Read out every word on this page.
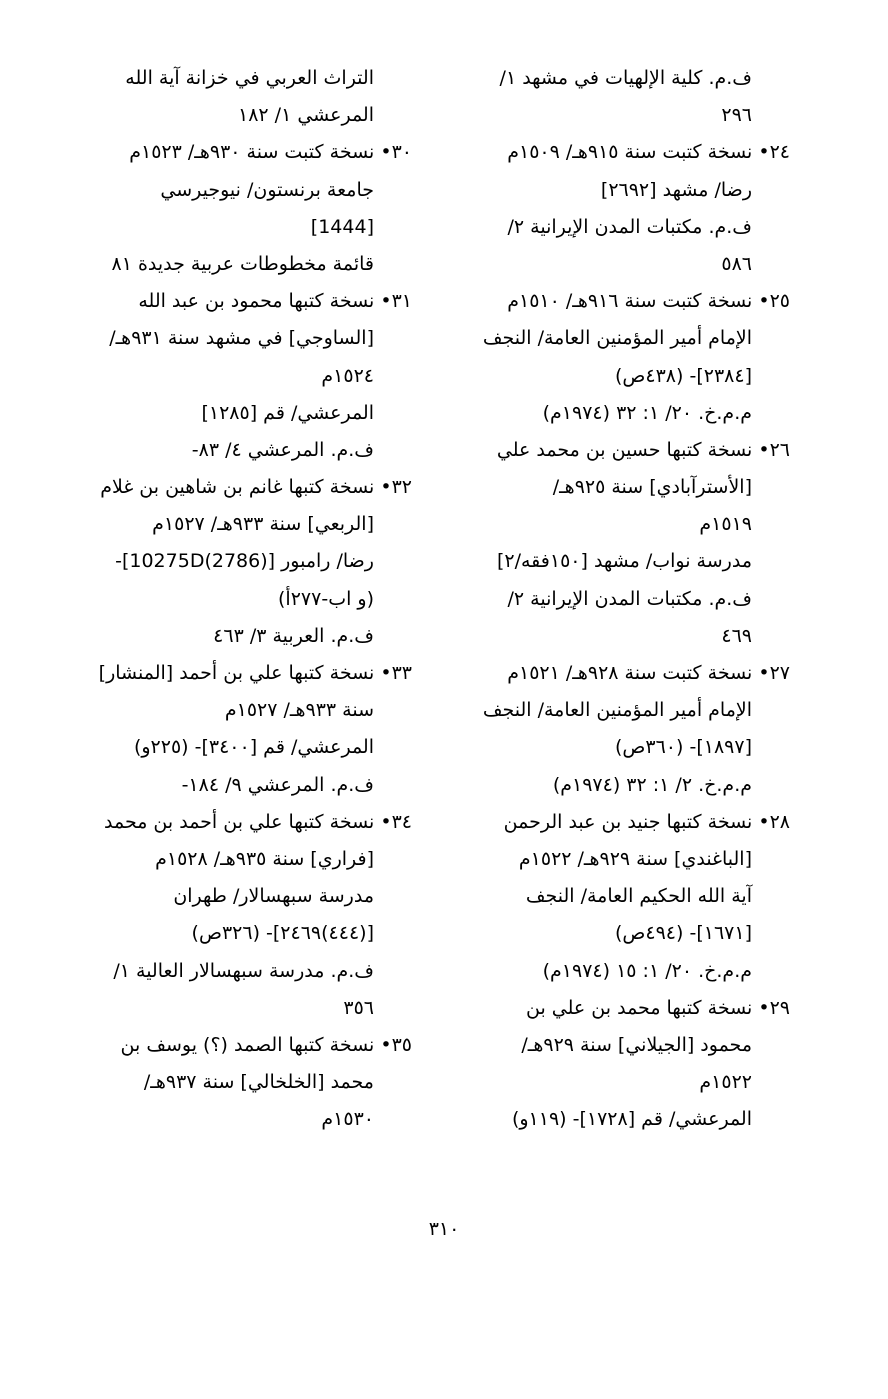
ف.م. كلية الإلهيات في مشهد ١/
٢٩٦
٢٤• نسخة كتبت سنة ٩١٥هـ/ ١٥٠٩م
رضا/ مشهد [٢٦٩٢]
ف.م. مكتبات المدن الإيرانية ٢/
٥٨٦
٢٥• نسخة كتبت سنة ٩١٦هـ/ ١٥١٠م
الإمام أمير المؤمنين العامة/ النجف
[٢٣٨٤]- (٤٣٨ص)
م.م.خ. ٢٠/ ١: ٣٢ (١٩٧٤م)
٢٦• نسخة كتبها حسين بن محمد علي
[الأسترآبادي] سنة ٩٢٥هـ/
١٥١٩م
مدرسة نواب/ مشهد [١٥٠فقه/٢]
ف.م. مكتبات المدن الإيرانية ٢/
٤٦٩
٢٧• نسخة كتبت سنة ٩٢٨هـ/ ١٥٢١م
الإمام أمير المؤمنين العامة/ النجف
[١٨٩٧]- (٣٦٠ص)
م.م.خ. ٢/ ١: ٣٢ (١٩٧٤م)
٢٨• نسخة كتبها جنيد بن عبد الرحمن
[الباغندي] سنة ٩٢٩هـ/ ١٥٢٢م
آية الله الحكيم العامة/ النجف
[١٦٧١]- (٤٩٤ص)
م.م.خ. ٢٠/ ١: ١٥ (١٩٧٤م)
٢٩• نسخة كتبها محمد بن علي بن
محمود [الجيلاني] سنة ٩٢٩هـ/
١٥٢٢م
المرعشي/ قم [١٧٢٨]- (١١٩و)
التراث العربي في خزانة آية الله
المرعشي ١/ ١٨٢
٣٠• نسخة كتبت سنة ٩٣٠هـ/ ١٥٢٣م
جامعة برنستون/ نيوجيرسي
[1444]
قائمة مخطوطات عربية جديدة ٨١
٣١• نسخة كتبها محمود بن عبد الله
[الساوجي] في مشهد سنة ٩٣١هـ/
١٥٢٤م
المرعشي/ قم [١٢٨٥]
ف.م. المرعشي ٤/ ٨٣-
٣٢• نسخة كتبها غانم بن شاهين بن غلام
[الربعي] سنة ٩٣٣هـ/ ١٥٢٧م
رضا/ رامبور [10275D(2786)]-
(و اب-٢٧٧أ)
ف.م. العربية ٣/ ٤٦٣
٣٣• نسخة كتبها علي بن أحمد [المنشار]
سنة ٩٣٣هـ/ ١٥٢٧م
المرعشي/ قم [٣٤٠٠]- (٢٢٥و)
ف.م. المرعشي ٩/ ١٨٤-
٣٤• نسخة كتبها علي بن أحمد بن محمد
[فراري] سنة ٩٣٥هـ/ ١٥٢٨م
مدرسة سبهسالار/ طهران
[(٤٤٤)٢٤٦٩]- (٣٢٦ص)
ف.م. مدرسة سبهسالار العالية ١/
٣٥٦
٣٥• نسخة كتبها الصمد (؟) يوسف بن
محمد [الخلخالي] سنة ٩٣٧هـ/
١٥٣٠م
٣١٠
